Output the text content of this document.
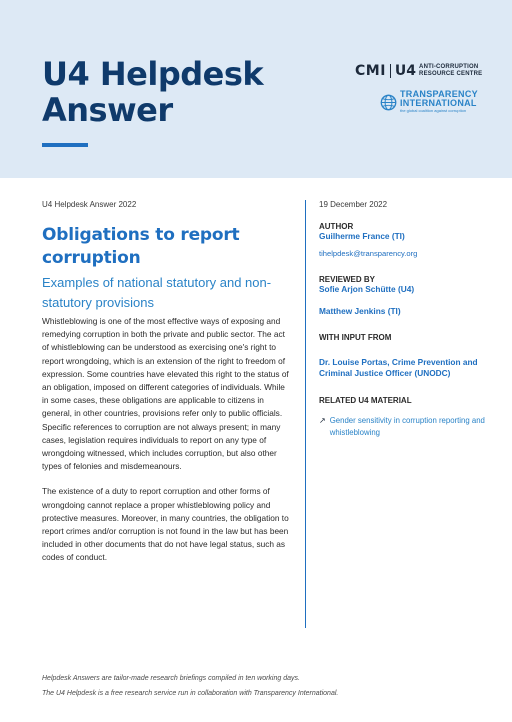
U4 Helpdesk
Answer
CMI U4 ANTI-CORRUPTION
RESOURCE CENTRE
TRANSPARENCY
INTERNATIONAL
the global coalition against corruption

U4 Helpdesk Answer 2022

Obligations to report corruption

Examples of national statutory and non-statutory provisions

Whistleblowing is one of the most effective ways of exposing and remedying corruption in both the private and public sector. The act of whistleblowing can be understood as exercising one's right to report wrongdoing, which is an extension of the right to freedom of expression. Some countries have elevated this right to the status of an obligation, imposed on different categories of individuals. While in some cases, these obligations are applicable to citizens in general, in other countries, provisions refer only to public officials. Specific references to corruption are not always present; in many cases, legislation requires individuals to report on any type of wrongdoing witnessed, which includes corruption, but also other types of felonies and misdemeanours.

The existence of a duty to report corruption and other forms of wrongdoing cannot replace a proper whistleblowing policy and protective measures. Moreover, in many countries, the obligation to report crimes and/or corruption is not found in the law but has been included in other documents that do not have legal status, such as codes of conduct.

19 December 2022

AUTHOR

Guilherme France (TI)

tihelpdesk@transparency.org

REVIEWED BY

Sofie Arjon Schütte (U4)

Matthew Jenkins (TI)

WITH INPUT FROM

Dr. Louise Portas, Crime Prevention and Criminal Justice Officer (UNODC)

RELATED U4 MATERIAL

↗ Gender sensitivity in corruption reporting and whistleblowing

Helpdesk Answers are tailor-made research briefings compiled in ten working days.

The U4 Helpdesk is a free research service run in collaboration with Transparency International.
